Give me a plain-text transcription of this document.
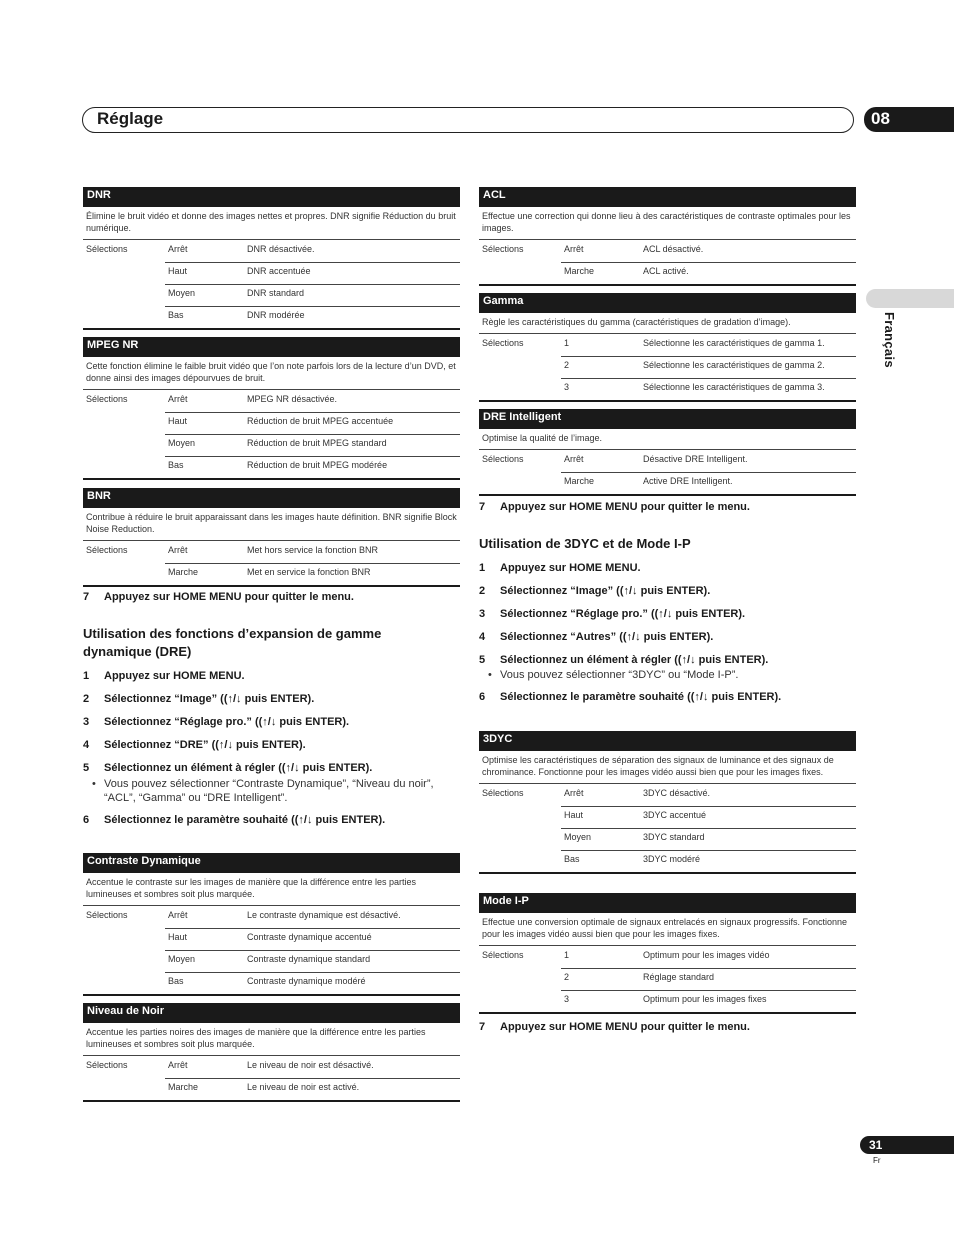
Réglage	08
Français
DNR
Élimine le bruit vidéo et donne des images nettes et propres. DNR signifie Réduction du bruit numérique.
Sélections	Arrêt	DNR désactivée.
Haut	DNR accentuée
Moyen	DNR standard
Bas	DNR modérée
MPEG NR
Cette fonction élimine le faible bruit vidéo que l’on note parfois lors de la lecture d’un DVD, et donne ainsi des images dépourvues de bruit.
Sélections	Arrêt	MPEG NR désactivée.
Haut	Réduction de bruit MPEG accentuée
Moyen	Réduction de bruit MPEG standard
Bas	Réduction de bruit MPEG modérée
BNR
Contribue à réduire le bruit apparaissant dans les images haute définition. BNR signifie Block Noise Reduction.
Sélections	Arrêt	Met hors service la fonction BNR
Marche	Met en service la fonction BNR
7 Appuyez sur HOME MENU pour quitter le menu.
Utilisation des fonctions d’expansion de gamme
dynamique (DRE)
1 Appuyez sur HOME MENU.
2 Sélectionnez “Image” ((↑/↓ puis ENTER).
3 Sélectionnez “Réglage pro.” ((↑/↓ puis ENTER).
4 Sélectionnez “DRE” ((↑/↓ puis ENTER).
5 Sélectionnez un élément à régler ((↑/↓ puis ENTER).
• Vous pouvez sélectionner “Contraste Dynamique”, “Niveau du noir”, “ACL”, “Gamma” ou “DRE Intelligent”.
6 Sélectionnez le paramètre souhaité ((↑/↓ puis ENTER).
Contraste Dynamique
Accentue le contraste sur les images de manière que la différence entre les parties lumineuses et sombres soit plus marquée.
Sélections	Arrêt	Le contraste dynamique est désactivé.
Haut	Contraste dynamique accentué
Moyen	Contraste dynamique standard
Bas	Contraste dynamique modéré
Niveau de Noir
Accentue les parties noires des images de manière que la différence entre les parties lumineuses et sombres soit plus marquée.
Sélections	Arrêt	Le niveau de noir est désactivé.
Marche	Le niveau de noir est activé.
ACL
Effectue une correction qui donne lieu à des caractéristiques de contraste optimales pour les images.
Sélections	Arrêt	ACL désactivé.
Marche	ACL activé.
Gamma
Règle les caractéristiques du gamma (caractéristiques de gradation d’image).
Sélections	1	Sélectionne les caractéristiques de gamma 1.
2	Sélectionne les caractéristiques de gamma 2.
3	Sélectionne les caractéristiques de gamma 3.
DRE Intelligent
Optimise la qualité de l’image.
Sélections	Arrêt	Désactive DRE Intelligent.
Marche	Active DRE Intelligent.
7 Appuyez sur HOME MENU pour quitter le menu.
Utilisation de 3DYC et de Mode I-P
1 Appuyez sur HOME MENU.
2 Sélectionnez “Image” ((↑/↓ puis ENTER).
3 Sélectionnez “Réglage pro.” ((↑/↓ puis ENTER).
4 Sélectionnez “Autres” ((↑/↓ puis ENTER).
5 Sélectionnez un élément à régler ((↑/↓ puis ENTER).
• Vous pouvez sélectionner “3DYC” ou “Mode I-P”.
6 Sélectionnez le paramètre souhaité ((↑/↓ puis ENTER).
3DYC
Optimise les caractéristiques de séparation des signaux de luminance et des signaux de chrominance. Fonctionne pour les images vidéo aussi bien que pour les images fixes.
Sélections	Arrêt	3DYC désactivé.
Haut	3DYC accentué
Moyen	3DYC standard
Bas	3DYC modéré
Mode I-P
Effectue une conversion optimale de signaux entrelacés en signaux progressifs. Fonctionne pour les images vidéo aussi bien que pour les images fixes.
Sélections	1	Optimum pour les images vidéo
2	Réglage standard
3	Optimum pour les images fixes
7 Appuyez sur HOME MENU pour quitter le menu.
31
Fr
